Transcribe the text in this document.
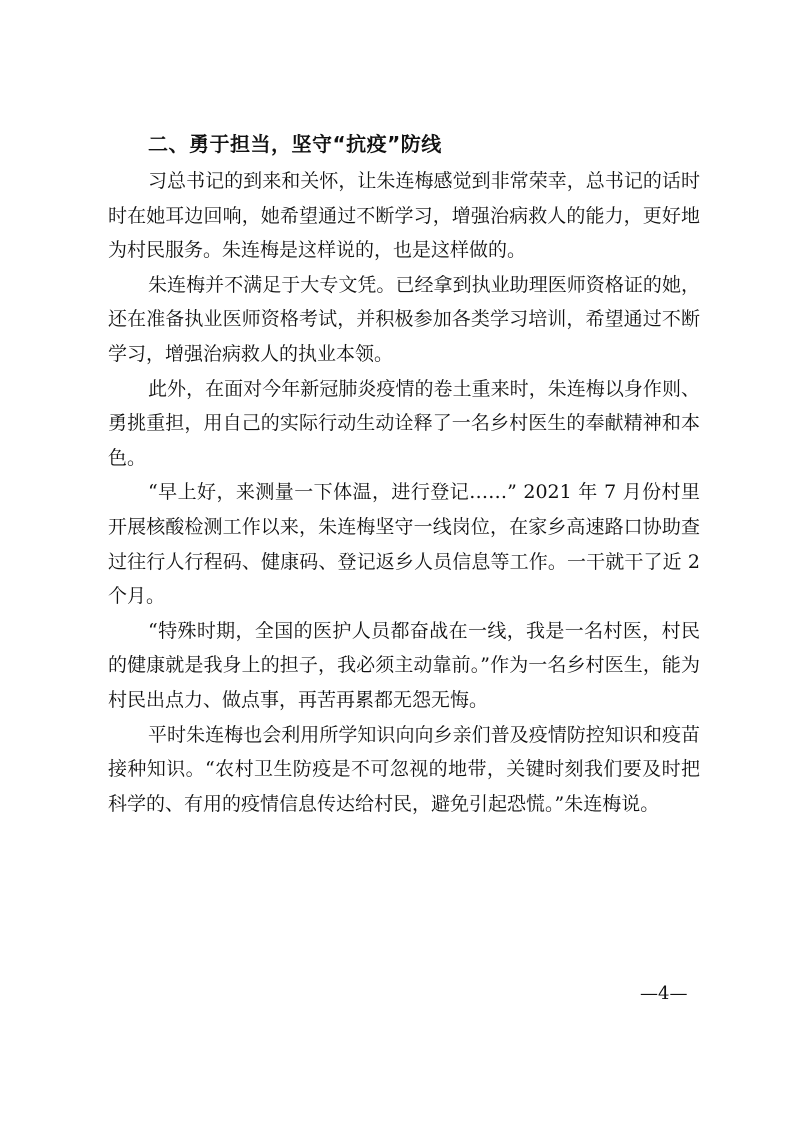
二、勇于担当，坚守“抗疫”防线

习总书记的到来和关怀，让朱连梅感觉到非常荣幸，总书记的话时时在她耳边回响，她希望通过不断学习，增强治病救人的能力，更好地为村民服务。朱连梅是这样说的，也是这样做的。

朱连梅并不满足于大专文凭。已经拿到执业助理医师资格证的她，还在准备执业医师资格考试，并积极参加各类学习培训，希望通过不断学习，增强治病救人的执业本领。

此外，在面对今年新冠肺炎疫情的卷土重来时，朱连梅以身作则、勇挑重担，用自己的实际行动生动诠释了一名乡村医生的奉献精神和本色。

“早上好，来测量一下体温，进行登记……” 2021 年 7 月份村里开展核酸检测工作以来，朱连梅坚守一线岗位，在家乡高速路口协助查过往行人行程码、健康码、登记返乡人员信息等工作。一干就干了近 2 个月。

“特殊时期，全国的医护人员都奋战在一线，我是一名村医，村民的健康就是我身上的担子，我必须主动靠前。”作为一名乡村医生，能为村民出点力、做点事，再苦再累都无怨无悔。

平时朱连梅也会利用所学知识向向乡亲们普及疫情防控知识和疫苗接种知识。“农村卫生防疫是不可忽视的地带，关键时刻我们要及时把科学的、有用的疫情信息传达给村民，避免引起恐慌。”朱连梅说。

—4—
